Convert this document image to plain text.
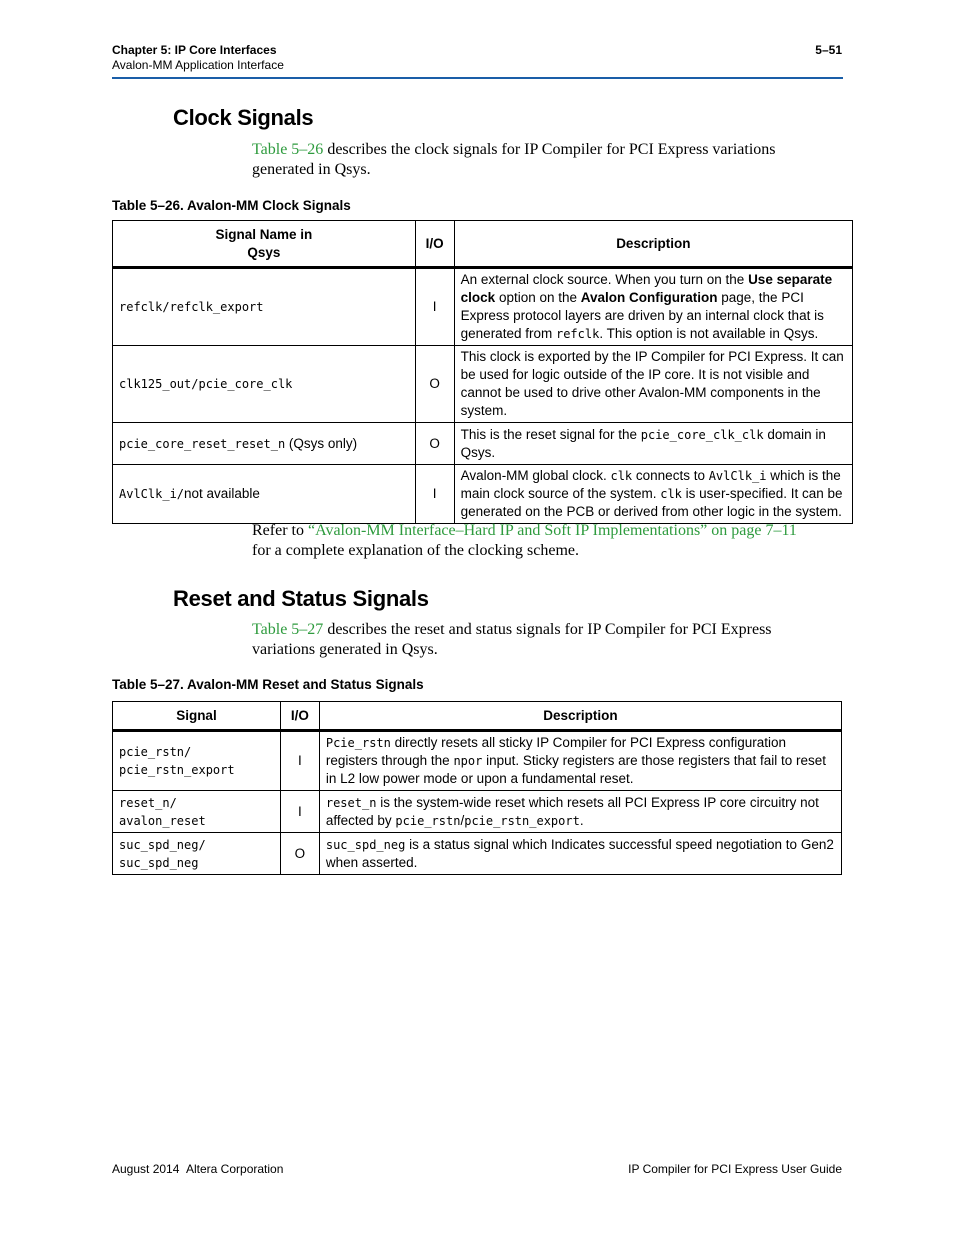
Chapter 5: IP Core Interfaces
Avalon-MM Application Interface
5–51
Clock Signals
Table 5–26 describes the clock signals for IP Compiler for PCI Express variations
generated in Qsys.
Table 5–26. Avalon-MM Clock Signals
Signal Name in
Qsys	I/O	Description
refclk/refclk_export	I	An external clock source. When you turn on the Use separate clock option on the Avalon Configuration page, the PCI Express protocol layers are driven by an internal clock that is generated from refclk. This option is not available in Qsys.
clk125_out/pcie_core_clk	O	This clock is exported by the IP Compiler for PCI Express. It can be used for logic outside of the IP core. It is not visible and cannot be used to drive other Avalon-MM components in the system.
pcie_core_reset_reset_n (Qsys only)	O	This is the reset signal for the pcie_core_clk_clk domain in Qsys.
AvlClk_i/not available	I	Avalon-MM global clock. clk connects to AvlClk_i which is the main clock source of the system. clk is user-specified. It can be generated on the PCB or derived from other logic in the system.
Refer to “Avalon-MM Interface–Hard IP and Soft IP Implementations” on page 7–11
for a complete explanation of the clocking scheme.
Reset and Status Signals
Table 5–27 describes the reset and status signals for IP Compiler for PCI Express
variations generated in Qsys.
Table 5–27. Avalon-MM Reset and Status Signals
Signal	I/O	Description
pcie_rstn/
pcie_rstn_export	I	Pcie_rstn directly resets all sticky IP Compiler for PCI Express configuration registers through the npor input. Sticky registers are those registers that fail to reset in L2 low power mode or upon a fundamental reset.
reset_n/
avalon_reset	I	reset_n is the system-wide reset which resets all PCI Express IP core circuitry not affected by pcie_rstn/pcie_rstn_export.
suc_spd_neg/
suc_spd_neg	O	suc_spd_neg is a status signal which Indicates successful speed negotiation to Gen2 when asserted.
August 2014 Altera Corporation	IP Compiler for PCI Express User Guide
